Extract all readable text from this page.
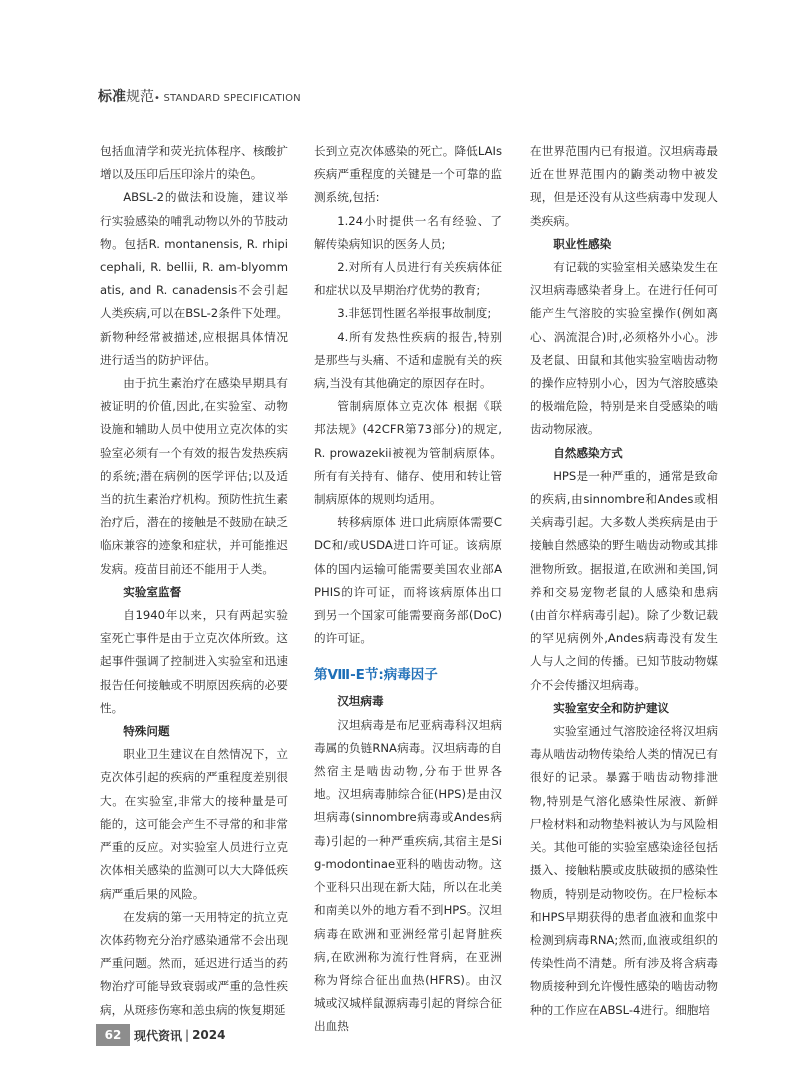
标准规范• STANDARD SPECIFICATION

包括血清学和荧光抗体程序、核酸扩增以及压印后压印涂片的染色。

ABSL-2的做法和设施，建议举行实验感染的哺乳动物以外的节肢动物。包括R. montanensis, R. rhipicephali, R. bellii, R. am-blyommatis, and R. canadensis不会引起人类疾病,可以在BSL-2条件下处理。新物种经常被描述,应根据具体情况进行适当的防护评估。

由于抗生素治疗在感染早期具有被证明的价值,因此,在实验室、动物设施和辅助人员中使用立克次体的实验室必须有一个有效的报告发热疾病的系统;潜在病例的医学评估;以及适当的抗生素治疗机构。预防性抗生素治疗后，潜在的接触是不鼓励在缺乏临床兼容的迹象和症状，并可能推迟发病。疫苗目前还不能用于人类。

实验室监督

自1940年以来，只有两起实验室死亡事件是由于立克次体所致。这起事件强调了控制进入实验室和迅速报告任何接触或不明原因疾病的必要性。

特殊问题

职业卫生建议在自然情况下，立克次体引起的疾病的严重程度差别很大。在实验室,非常大的接种量是可能的，这可能会产生不寻常的和非常严重的反应。对实验室人员进行立克次体相关感染的监测可以大大降低疾病严重后果的风险。

在发病的第一天用特定的抗立克次体药物充分治疗感染通常不会出现严重问题。然而，延迟进行适当的药物治疗可能导致衰弱或严重的急性疾病，从斑疹伤寒和恙虫病的恢复期延

长到立克次体感染的死亡。降低LAIs疾病严重程度的关键是一个可靠的监测系统,包括:

1.24小时提供一名有经验、了解传染病知识的医务人员;

2.对所有人员进行有关疾病体征和症状以及早期治疗优势的教育;

3.非惩罚性匿名举报事故制度;

4.所有发热性疾病的报告,特别是那些与头痛、不适和虚脱有关的疾病,当没有其他确定的原因存在时。

管制病原体立克次体 根据《联邦法规》(42CFR第73部分)的规定, R. prowazekii被视为管制病原体。所有有关持有、储存、使用和转让管制病原体的规则均适用。

转移病原体 进口此病原体需要CDC和/或USDA进口许可证。该病原体的国内运输可能需要美国农业部APHIS的许可证，而将该病原体出口到另一个国家可能需要商务部(DoC)的许可证。

第Ⅷ-E节:病毒因子
汉坦病毒

汉坦病毒是布尼亚病毒科汉坦病毒属的负链RNA病毒。汉坦病毒的自然宿主是啮齿动物,分布于世界各地。汉坦病毒肺综合征(HPS)是由汉坦病毒(sinnombre病毒或Andes病毒)引起的一种严重疾病,其宿主是Sig-modontinae亚科的啮齿动物。这个亚科只出现在新大陆，所以在北美和南美以外的地方看不到HPS。汉坦病毒在欧洲和亚洲经常引起肾脏疾病,在欧洲称为流行性肾病，在亚洲称为肾综合征出血热(HFRS)。由汉城或汉城样鼠源病毒引起的肾综合征出血热

在世界范围内已有报道。汉坦病毒最近在世界范围内的鼩类动物中被发现，但是还没有从这些病毒中发现人类疾病。

职业性感染

有记载的实验室相关感染发生在汉坦病毒感染者身上。在进行任何可能产生气溶胶的实验室操作(例如离心、涡流混合)时,必须格外小心。涉及老鼠、田鼠和其他实验室啮齿动物的操作应特别小心，因为气溶胶感染的极端危险，特别是来自受感染的啮齿动物尿液。

自然感染方式

HPS是一种严重的，通常是致命的疾病,由sinnombre和Andes或相关病毒引起。大多数人类疾病是由于接触自然感染的野生啮齿动物或其排泄物所致。据报道,在欧洲和美国,饲养和交易宠物老鼠的人感染和患病(由首尔样病毒引起)。除了少数记载的罕见病例外,Andes病毒没有发生人与人之间的传播。已知节肢动物媒介不会传播汉坦病毒。

实验室安全和防护建议

实验室通过气溶胶途径将汉坦病毒从啮齿动物传染给人类的情况已有很好的记录。暴露于啮齿动物排泄物,特别是气溶化感染性尿液、新鲜尸检材料和动物垫料被认为与风险相关。其他可能的实验室感染途径包括摄入、接触粘膜或皮肤破损的感染性物质，特别是动物咬伤。在尸检标本和HPS早期获得的患者血液和血浆中检测到病毒RNA;然而,血液或组织的传染性尚不清楚。所有涉及将含病毒物质接种到允许慢性感染的啮齿动物种的工作应在ABSL-4进行。细胞培

62 现代资讯 | 2024
